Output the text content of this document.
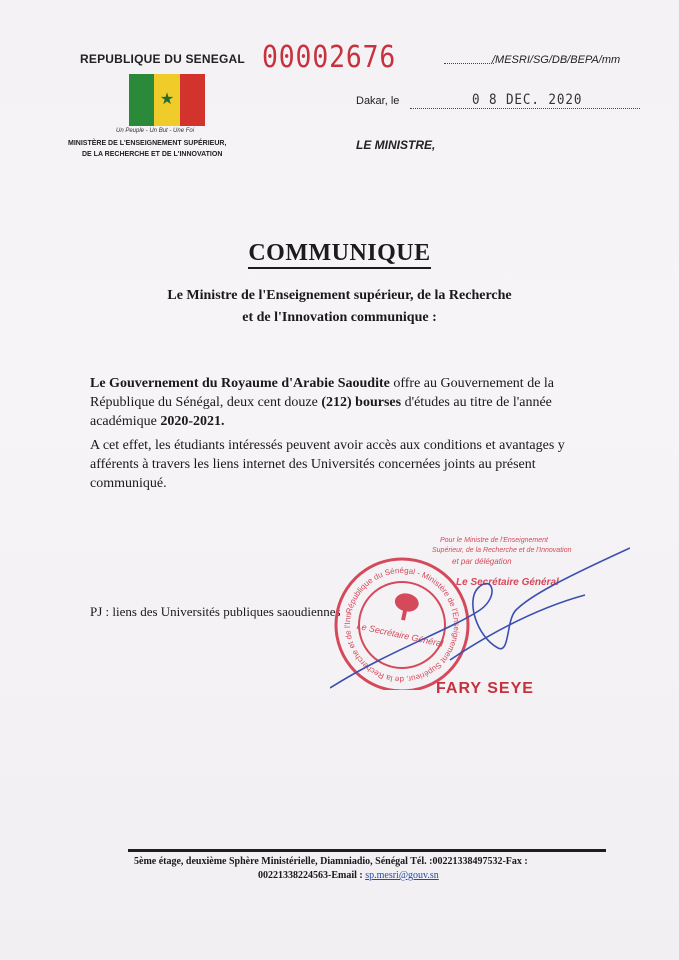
REPUBLIQUE DU SENEGAL 00002676	/MESRI/SG/DB/BEPA/mm
★
Un Peuple - Un But - Une Foi
MINISTÈRE DE L'ENSEIGNEMENT SUPÉRIEUR,
DE LA RECHERCHE ET DE L'INNOVATION
Dakar, le	0 8 DEC. 2020
LE MINISTRE,
COMMUNIQUE
Le Ministre de l'Enseignement supérieur, de la Recherche
et de l'Innovation communique :
Le Gouvernement du Royaume d'Arabie Saoudite offre au Gouvernement de la République du Sénégal, deux cent douze (212) bourses d'études au titre de l'année académique 2020-2021.
A cet effet, les étudiants intéressés peuvent avoir accès aux conditions et avantages y afférents à travers les liens internet des Universités concernées joints au présent communiqué.
PJ : liens des Universités publiques saoudiennes
Pour le Ministre de l'Enseignement
Supérieur, de la Recherche et de l'Innovation
et par délégation
Le Secrétaire Général
République du Sénégal - Ministère de l'Enseignement Supérieur, de la Recherche et de l'Innovation
Le Secrétaire Général
FARY SEYE
5ème étage, deuxième Sphère Ministérielle, Diamniadio, Sénégal Tél. :00221338497532-Fax :
00221338224563-Email : sp.mesri@gouv.sn
